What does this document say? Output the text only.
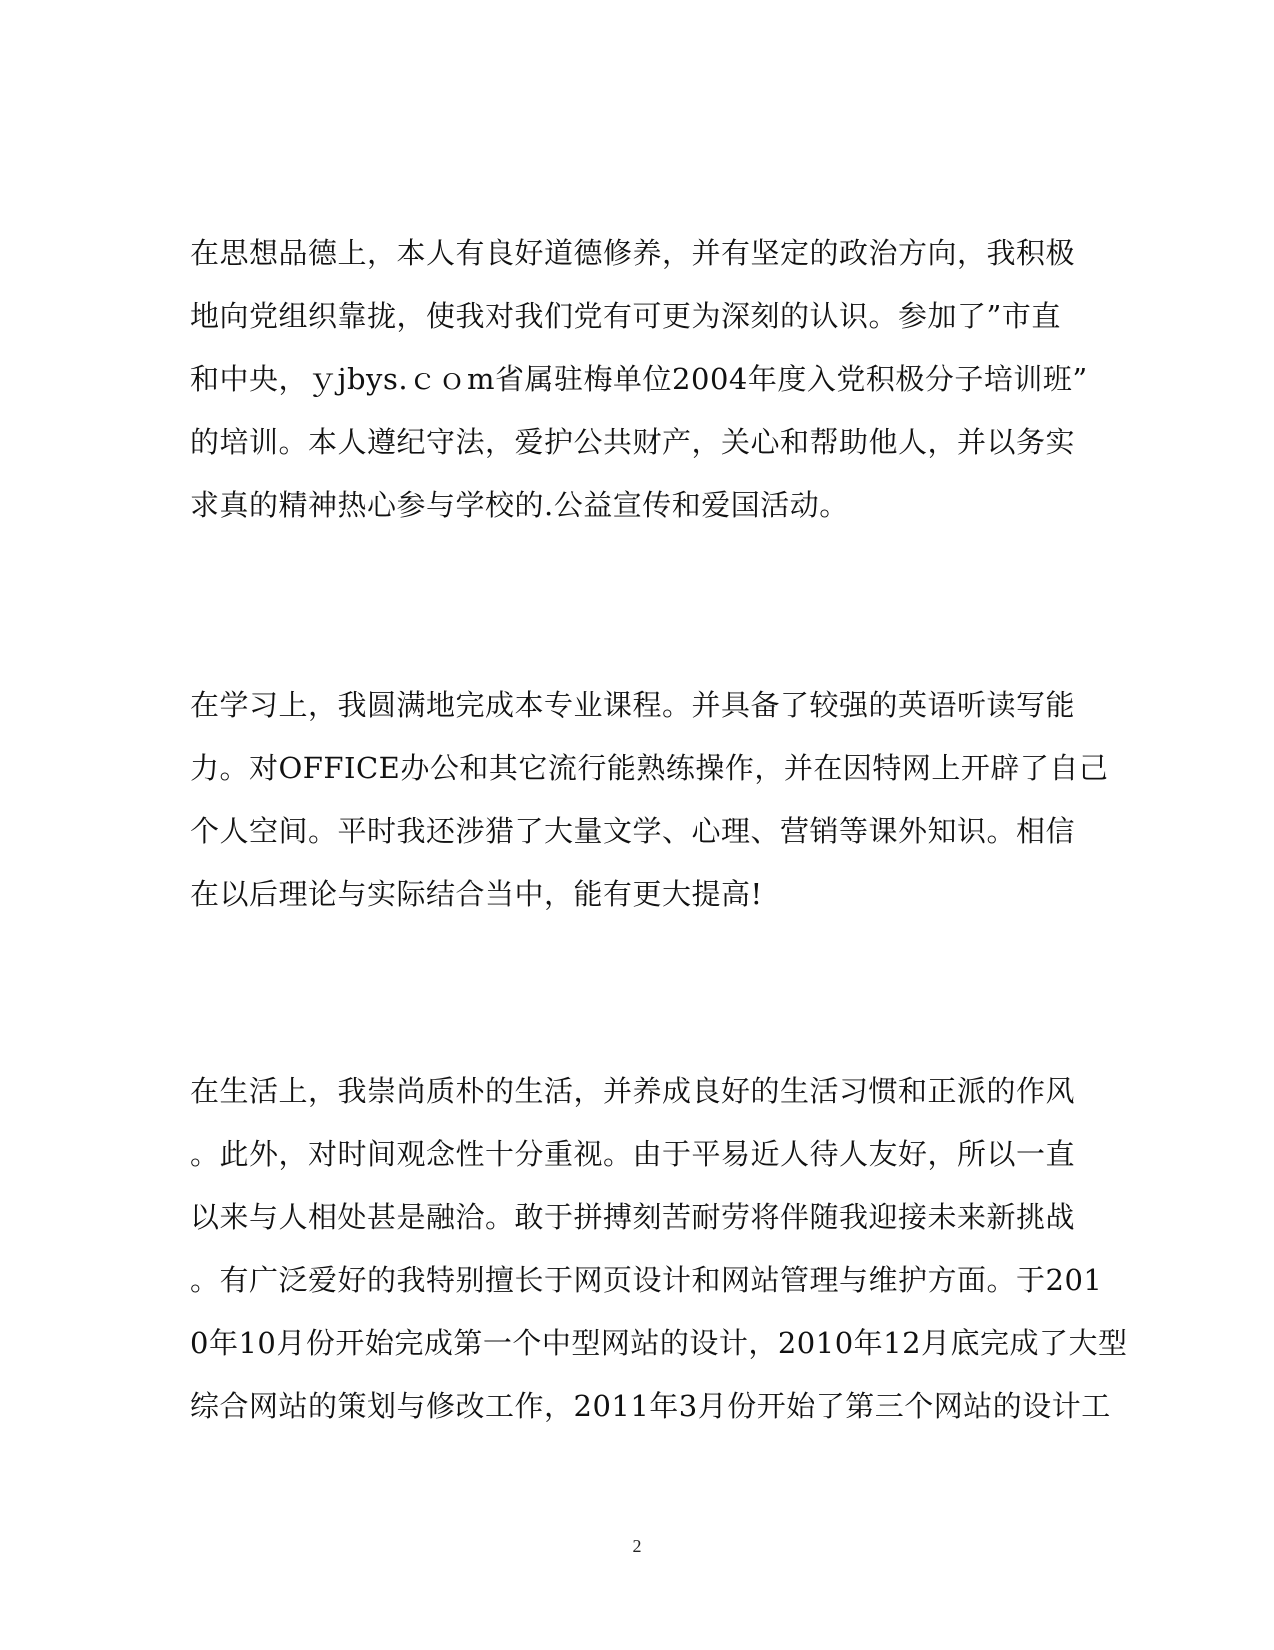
在思想品德上，本人有良好道德修养，并有坚定的政治方向，我积极
地向党组织靠拢，使我对我们党有可更为深刻的认识。参加了”市直
和中央，ｙjbys.ｃｏm省属驻梅单位2004年度入党积极分子培训班”
的培训。本人遵纪守法，爱护公共财产，关心和帮助他人，并以务实
求真的精神热心参与学校的.公益宣传和爱国活动。
在学习上，我圆满地完成本专业课程。并具备了较强的英语听读写能
力。对OFFICE办公和其它流行能熟练操作，并在因特网上开辟了自己
个人空间。平时我还涉猎了大量文学、心理、营销等课外知识。相信
在以后理论与实际结合当中，能有更大提高!
在生活上，我崇尚质朴的生活，并养成良好的生活习惯和正派的作风
。此外，对时间观念性十分重视。由于平易近人待人友好，所以一直
以来与人相处甚是融洽。敢于拼搏刻苦耐劳将伴随我迎接未来新挑战
。有广泛爱好的我特别擅长于网页设计和网站管理与维护方面。于201
0年10月份开始完成第一个中型网站的设计，2010年12月底完成了大型
综合网站的策划与修改工作，2011年3月份开始了第三个网站的设计工
2
